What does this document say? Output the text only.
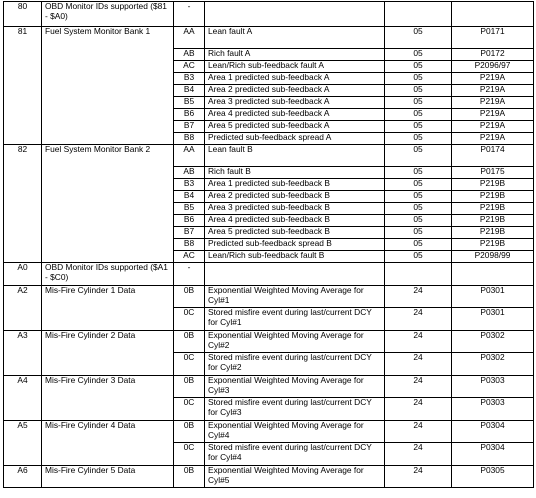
80	OBD Monitor IDs supported ($81 - $A0)	-			
81	Fuel System Monitor Bank 1	AA	Lean fault A	05	P0171
		AB	Rich fault A	05	P0172
		AC	Lean/Rich sub-feedback fault A	05	P2096/97
		B3	Area 1 predicted sub-feedback A	05	P219A
		B4	Area 2 predicted sub-feedback A	05	P219A
		B5	Area 3 predicted sub-feedback A	05	P219A
		B6	Area 4 predicted sub-feedback A	05	P219A
		B7	Area 5 predicted sub-feedback A	05	P219A
		B8	Predicted sub-feedback spread A	05	P219A
82	Fuel System Monitor Bank 2	AA	Lean fault B	05	P0174
		AB	Rich fault B	05	P0175
		B3	Area 1 predicted sub-feedback B	05	P219B
		B4	Area 2 predicted sub-feedback B	05	P219B
		B5	Area 3 predicted sub-feedback B	05	P219B
		B6	Area 4 predicted sub-feedback B	05	P219B
		B7	Area 5 predicted sub-feedback B	05	P219B
		B8	Predicted sub-feedback spread B	05	P219B
		AC	Lean/Rich sub-feedback fault B	05	P2098/99
A0	OBD Monitor IDs supported ($A1 - $C0)	-			
A2	Mis-Fire Cylinder 1 Data	0B	Exponential Weighted Moving Average for Cyl#1	24	P0301
		0C	Stored misfire event during last/current DCY for Cyl#1	24	P0301
A3	Mis-Fire Cylinder 2 Data	0B	Exponential Weighted Moving Average for Cyl#2	24	P0302
		0C	Stored misfire event during last/current DCY for Cyl#2	24	P0302
A4	Mis-Fire Cylinder 3 Data	0B	Exponential Weighted Moving Average for Cyl#3	24	P0303
		0C	Stored misfire event during last/current DCY for Cyl#3	24	P0303
A5	Mis-Fire Cylinder 4 Data	0B	Exponential Weighted Moving Average for Cyl#4	24	P0304
		0C	Stored misfire event during last/current DCY for Cyl#4	24	P0304
A6	Mis-Fire Cylinder 5 Data	0B	Exponential Weighted Moving Average for Cyl#5	24	P0305
